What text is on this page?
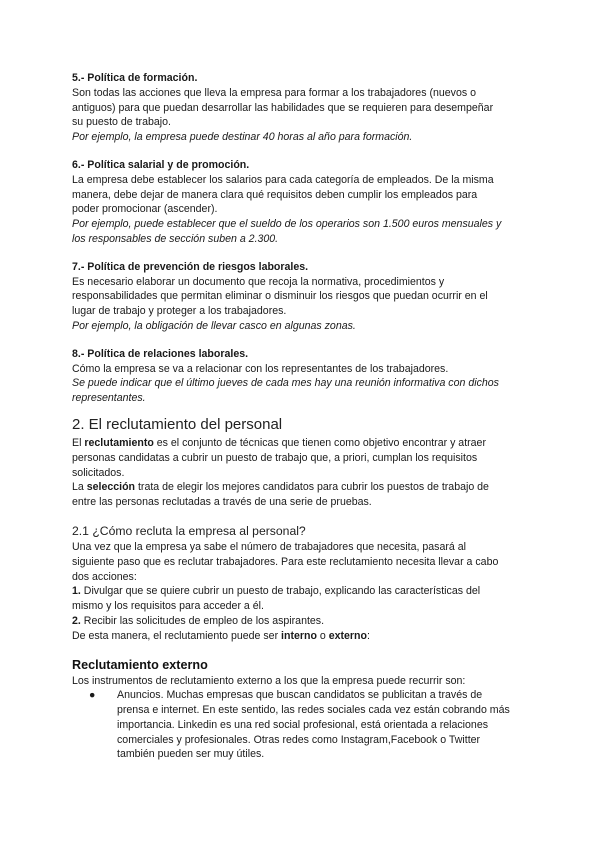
5.- Política de formación.

Son todas las acciones que lleva la empresa para formar a los trabajadores (nuevos o

antiguos) para que puedan desarrollar las habilidades que se requieren para desempeñar

su puesto de trabajo.

Por ejemplo, la empresa puede destinar 40 horas al año para formación.

6.- Política salarial y de promoción.

La empresa debe establecer los salarios para cada categoría de empleados. De la misma

manera, debe dejar de manera clara qué requisitos deben cumplir los empleados para

poder promocionar (ascender).

Por ejemplo, puede establecer que el sueldo de los operarios son 1.500 euros mensuales y

los responsables de sección suben a 2.300.

7.- Política de prevención de riesgos laborales.

Es necesario elaborar un documento que recoja la normativa, procedimientos y

responsabilidades que permitan eliminar o disminuir los riesgos que puedan ocurrir en el

lugar de trabajo y proteger a los trabajadores.

Por ejemplo, la obligación de llevar casco en algunas zonas.

8.- Política de relaciones laborales.

Cómo la empresa se va a relacionar con los representantes de los trabajadores.

Se puede indicar que el último jueves de cada mes hay una reunión informativa con dichos

representantes.

2. El reclutamiento del personal

El reclutamiento es el conjunto de técnicas que tienen como objetivo encontrar y atraer

personas candidatas a cubrir un puesto de trabajo que, a priori, cumplan los requisitos

solicitados.

La selección trata de elegir los mejores candidatos para cubrir los puestos de trabajo de

entre las personas reclutadas a través de una serie de pruebas.

2.1 ¿Cómo recluta la empresa al personal?

Una vez que la empresa ya sabe el número de trabajadores que necesita, pasará al

siguiente paso que es reclutar trabajadores. Para este reclutamiento necesita llevar a cabo

dos acciones:

1. Divulgar que se quiere cubrir un puesto de trabajo, explicando las características del

mismo y los requisitos para acceder a él.

2. Recibir las solicitudes de empleo de los aspirantes.

De esta manera, el reclutamiento puede ser interno o externo:

Reclutamiento externo

Los instrumentos de reclutamiento externo a los que la empresa puede recurrir son:

● Anuncios. Muchas empresas que buscan candidatos se publicitan a través de

prensa e internet. En este sentido, las redes sociales cada vez están cobrando más

importancia. Linkedin es una red social profesional, está orientada a relaciones

comerciales y profesionales. Otras redes como Instagram,Facebook o Twitter

también pueden ser muy útiles.
